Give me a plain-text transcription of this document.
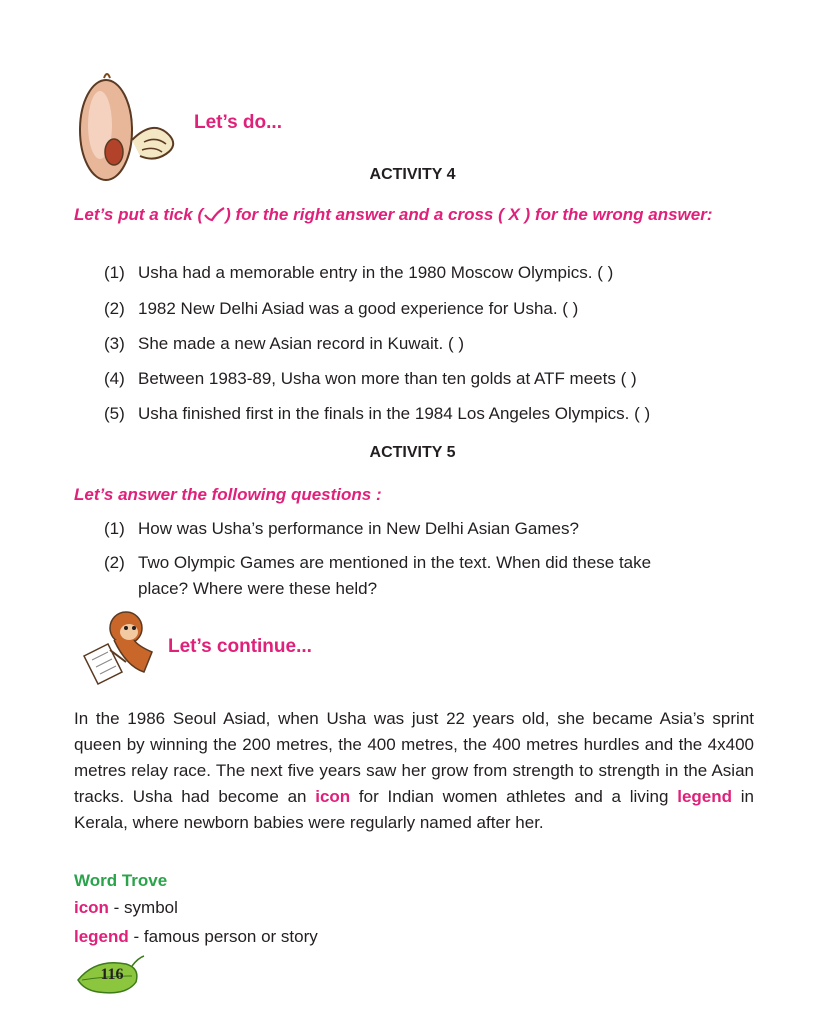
Let’s do...
ACTIVITY 4
Let’s put a tick ( ) for the right answer and a cross ( X ) for the wrong answer:
(1) Usha had a memorable entry in the 1980 Moscow Olympics. ( )
(2) 1982 New Delhi Asiad was a good experience for Usha. ( )
(3) She made a new Asian record in Kuwait. ( )
(4) Between 1983-89, Usha won more than ten golds at ATF meets ( )
(5) Usha finished first in the finals in the 1984 Los Angeles Olympics. ( )
ACTIVITY 5
Let’s answer the following questions :
(1) How was Usha’s performance in New Delhi Asian Games?
(2) Two Olympic Games are mentioned in the text. When did these take
place? Where were these held?
Let’s continue...
In the 1986 Seoul Asiad, when Usha was just 22 years old, she became Asia’s sprint queen by winning the 200 metres, the 400 metres, the 400 metres hurdles and the 4x400 metres relay race. The next five years saw her grow from strength to strength in the Asian tracks. Usha had become an icon for Indian women athletes and a living legend in Kerala, where newborn babies were regularly named after her.
Word Trove
icon - symbol
legend - famous person or story
116
